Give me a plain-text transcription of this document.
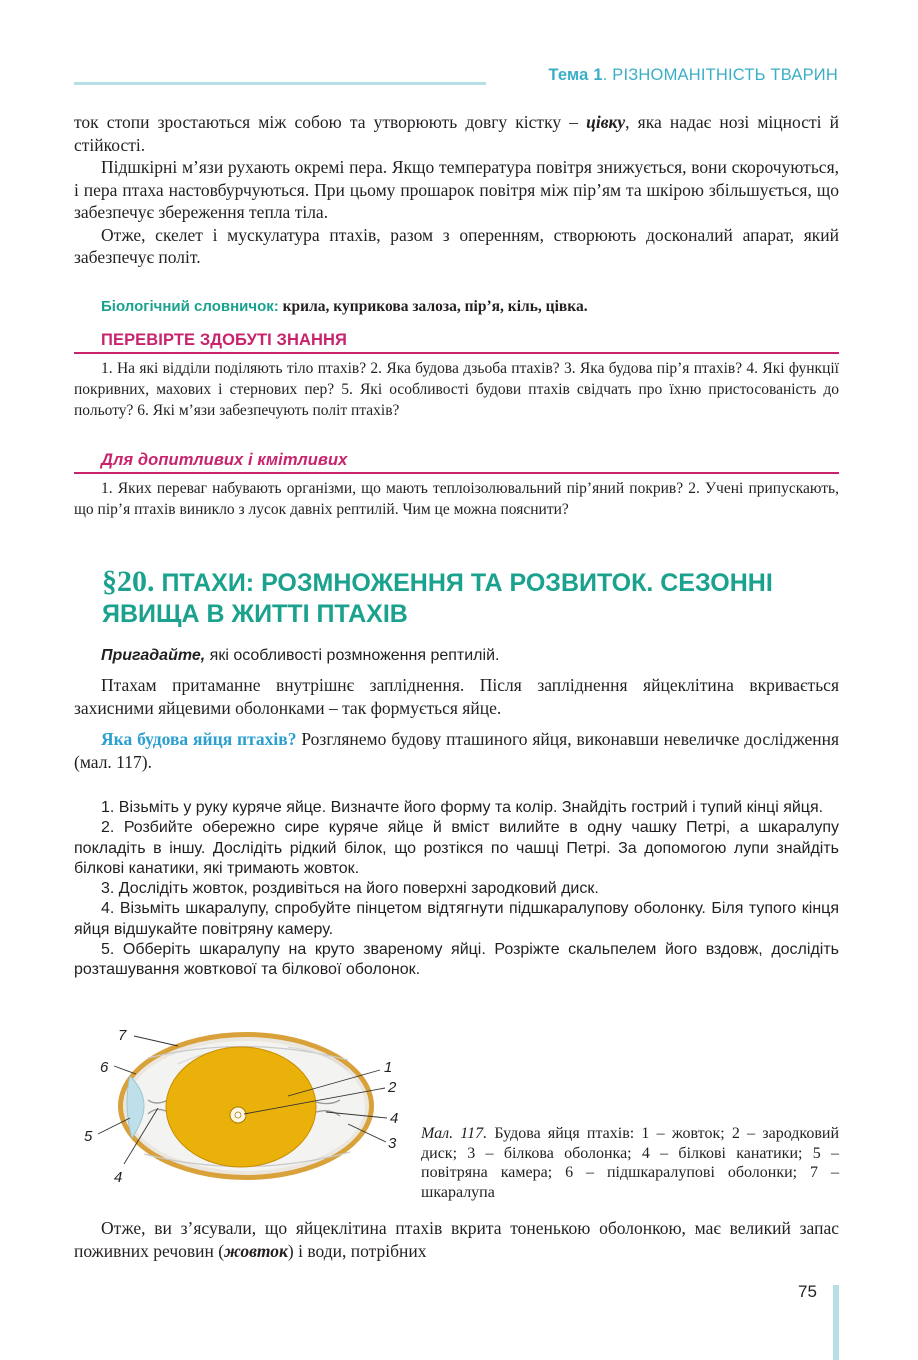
Тема 1. РІЗНОМАНІТНІСТЬ ТВАРИН

ток стопи зростаються між собою та утворюють довгу кістку – цівку, яка надає нозі міцності й стійкості.

Підшкірні м’язи рухають окремі пера. Якщо температура повітря знижується, вони скорочуються, і пера птаха настовбурчуються. При цьому прошарок повітря між пір’ям та шкірою збільшується, що забезпечує збереження тепла тіла.

Отже, скелет і мускулатура птахів, разом з оперенням, створюють досконалий апарат, який забезпечує політ.

Біологічний словничок: крила, куприкова залоза, пір’я, кіль, цівка.

ПЕРЕВІРТЕ ЗДОБУТІ ЗНАННЯ

1. На які відділи поділяють тіло птахів? 2. Яка будова дзьоба птахів? 3. Яка будова пір’я птахів? 4. Які функції покривних, махових і стернових пер? 5. Які особливості будови птахів свідчать про їхню пристосованість до польоту? 6. Які м’язи забезпечують політ птахів?

Для допитливих і кмітливих

1. Яких переваг набувають організми, що мають теплоізолювальний пір’яний покрив? 2. Учені припускають, що пір’я птахів виникло з лусок давніх рептилій. Чим це можна пояснити?

§20. ПТАХИ: РОЗМНОЖЕННЯ ТА РОЗВИТОК. СЕЗОННІ ЯВИЩА В ЖИТТІ ПТАХІВ
Пригадайте, які особливості розмноження рептилій.

Птахам притаманне внутрішнє запліднення. Після запліднення яйцеклітина вкривається захисними яйцевими оболонками – так формується яйце.

Яка будова яйця птахів? Розглянемо будову пташиного яйця, виконавши невеличке дослідження (мал. 117).

1. Візьміть у руку куряче яйце. Визначте його форму та колір. Знайдіть гострий і тупий кінці яйця.

2. Розбийте обережно сире куряче яйце й вміст вилийте в одну чашку Петрі, а шкаралупу покладіть в іншу. Дослідіть рідкий білок, що розтікся по чашці Петрі. За допомогою лупи знайдіть білкові канатики, які тримають жовток.

3. Дослідіть жовток, роздивіться на його поверхні зародковий диск.

4. Візьміть шкаралупу, спробуйте пінцетом відтягнути підшкаралупову оболонку. Біля тупого кінця яйця відшукайте повітряну камеру.

5. Обберіть шкаралупу на круто звареному яйці. Розріжте скальпелем його вздовж, дослідіть розташування жовткової та білкової оболонок.

7
6
5
4
1
2
4
3
Мал. 117. Будова яйця птахів: 1 – жовток; 2 – зародковий диск; 3 – білкова оболонка; 4 – білкові канатики; 5 – повітряна камера; 6 – підшкаралупові оболонки; 7 – шкаралупа

Отже, ви з’ясували, що яйцеклітина птахів вкрита тоненькою оболонкою, має великий запас поживних речовин (жовток) і води, потрібних

75
